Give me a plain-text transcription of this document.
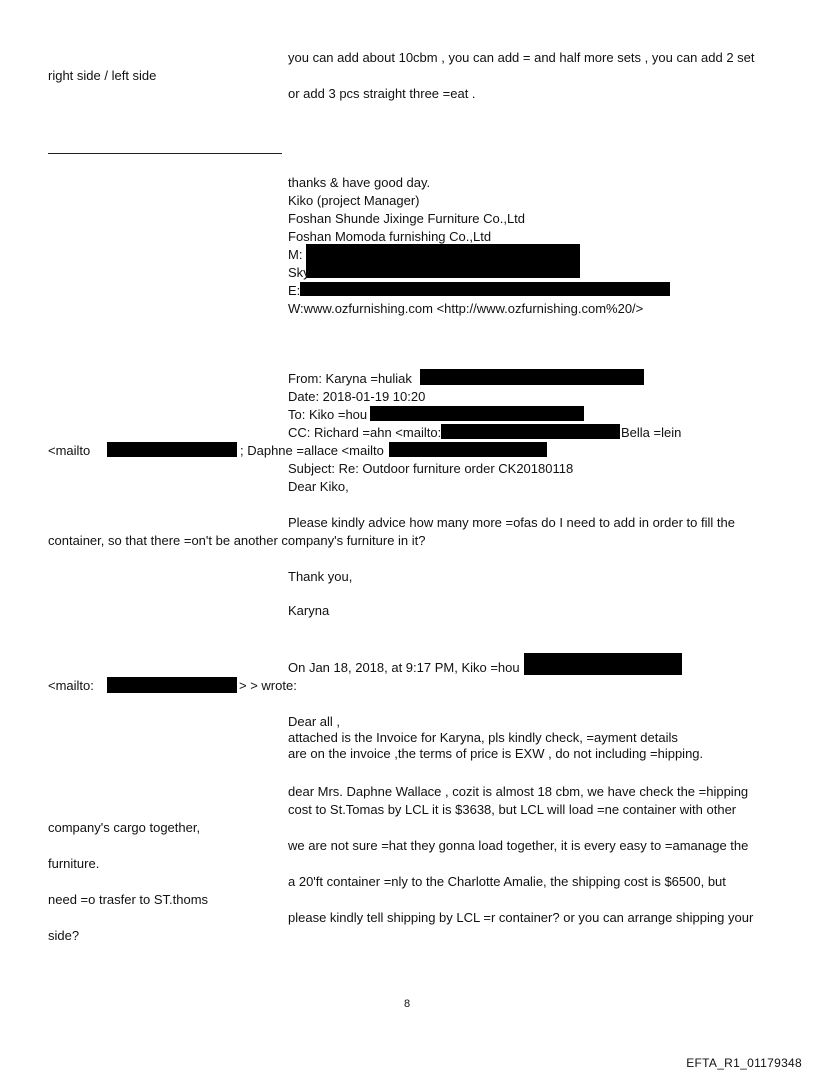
you can add about 10cbm , you can add = and half more sets , you can add 2 set
right side / left side
or add 3 pcs straight three =eat .
thanks & have good day.
Kiko (project Manager)
Foshan Shunde Jixinge Furniture Co.,Ltd
Foshan Momoda furnishing Co.,Ltd
M:
Sky
E:
W:www.ozfurnishing.com <http://www.ozfurnishing.com%20/>
From: Karyna =huliak
Date: 2018-01-19 10:20
To: Kiko =hou
CC: Richard =ahn <mailto:	Bella =lein
<mailto	; Daphne =allace <mailto
Subject: Re: Outdoor furniture order CK20180118
Dear Kiko,
Please kindly advice how many more =ofas do I need to add in order to fill the
container, so that there =on't be another company's furniture in it?
Thank you,
Karyna
On Jan 18, 2018, at 9:17 PM, Kiko =hou
<mailto:	> > wrote:
Dear all ,
attached is the Invoice for Karyna, pls kindly check, =ayment details
are on the invoice ,the terms of price is EXW , do not including =hipping.
dear Mrs. Daphne Wallace , cozit is almost 18 cbm, we have check the =hipping
cost to St.Tomas by LCL it is $3638, but LCL will load =ne container with other
company's cargo together,
we are not sure =hat they gonna load together, it is every easy to =amanage the
furniture.
a 20'ft container =nly to the Charlotte Amalie, the shipping cost is $6500, but
need =o trasfer to ST.thoms
please kindly tell shipping by LCL =r container? or you can arrange shipping your
side?
8
EFTA_R1_01179348
